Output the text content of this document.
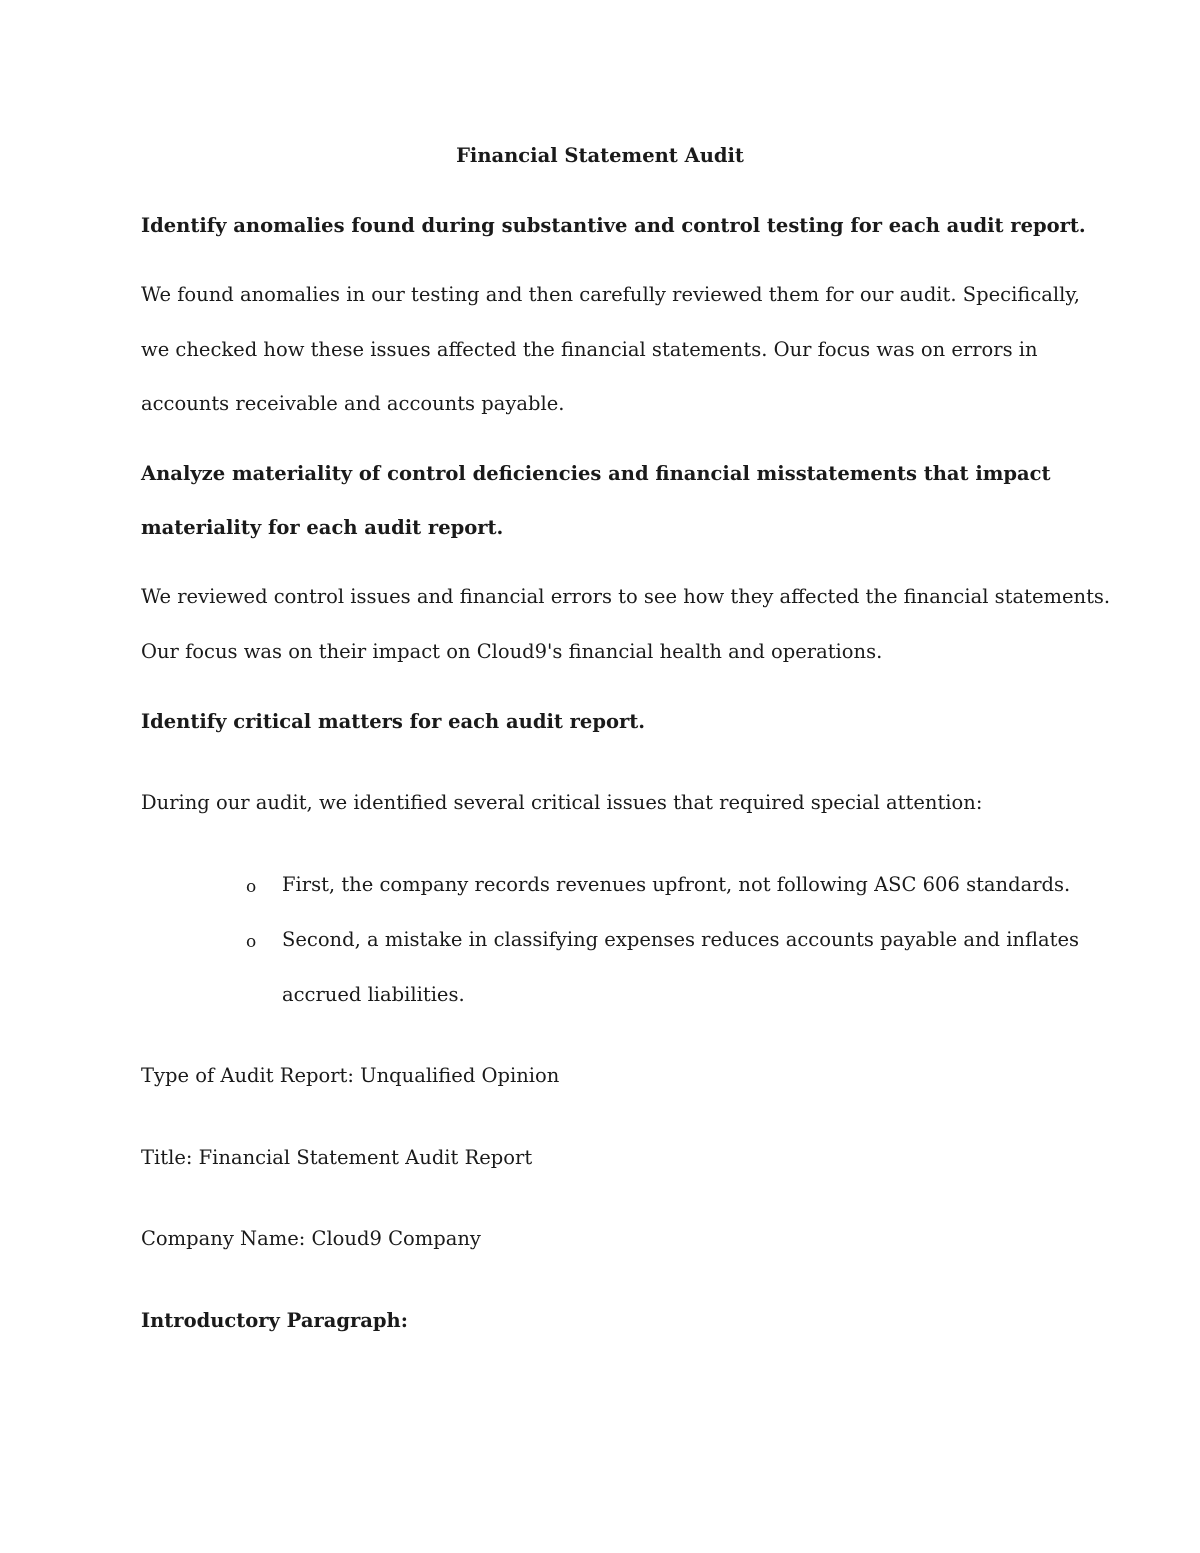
Financial Statement Audit
Identify anomalies found during substantive and control testing for each audit report.
We found anomalies in our testing and then carefully reviewed them for our audit. Specifically,
we checked how these issues affected the financial statements. Our focus was on errors in
accounts receivable and accounts payable.
Analyze materiality of control deficiencies and financial misstatements that impact
materiality for each audit report.
We reviewed control issues and financial errors to see how they affected the financial statements.
Our focus was on their impact on Cloud9's financial health and operations.
Identify critical matters for each audit report.
During our audit, we identified several critical issues that required special attention:
o First, the company records revenues upfront, not following ASC 606 standards.
o Second, a mistake in classifying expenses reduces accounts payable and inflates
accrued liabilities.
Type of Audit Report: Unqualified Opinion
Title: Financial Statement Audit Report
Company Name: Cloud9 Company
Introductory Paragraph:
